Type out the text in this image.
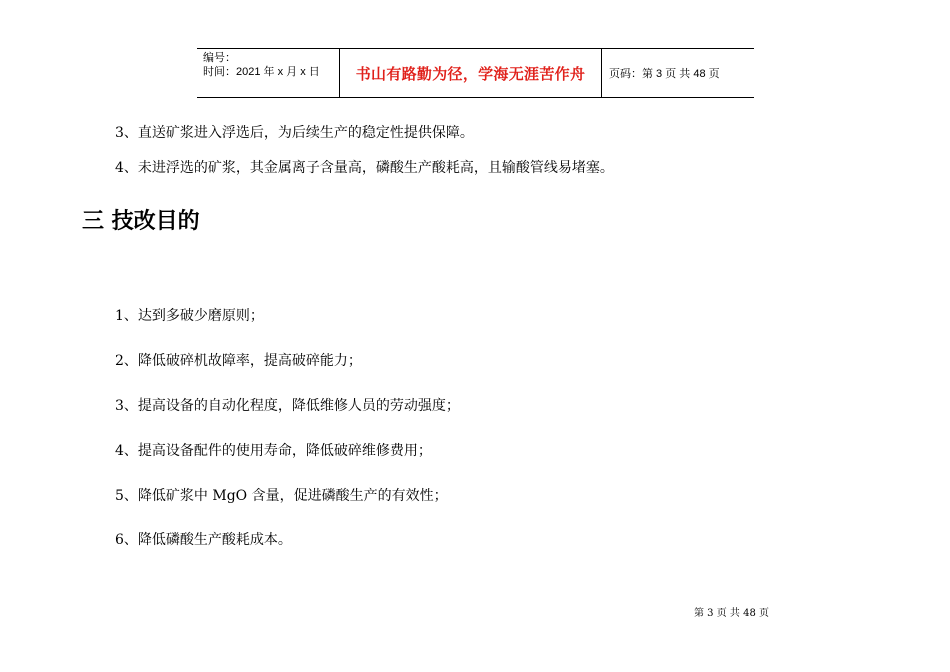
编号：
时间：2021 年 x 月 x 日	书山有路勤为径，学海无涯苦作舟 页码：第 3 页 共 48 页
3、直送矿浆进入浮选后，为后续生产的稳定性提供保障。
4、未进浮选的矿浆，其金属离子含量高，磷酸生产酸耗高，且输酸管线易堵塞。
三 技改目的
1、达到多破少磨原则；
2、降低破碎机故障率，提高破碎能力；
3、提高设备的自动化程度，降低维修人员的劳动强度；
4、提高设备配件的使用寿命，降低破碎维修费用；
5、降低矿浆中 MgO 含量，促进磷酸生产的有效性；
6、降低磷酸生产酸耗成本。
第 3 页 共 48 页
